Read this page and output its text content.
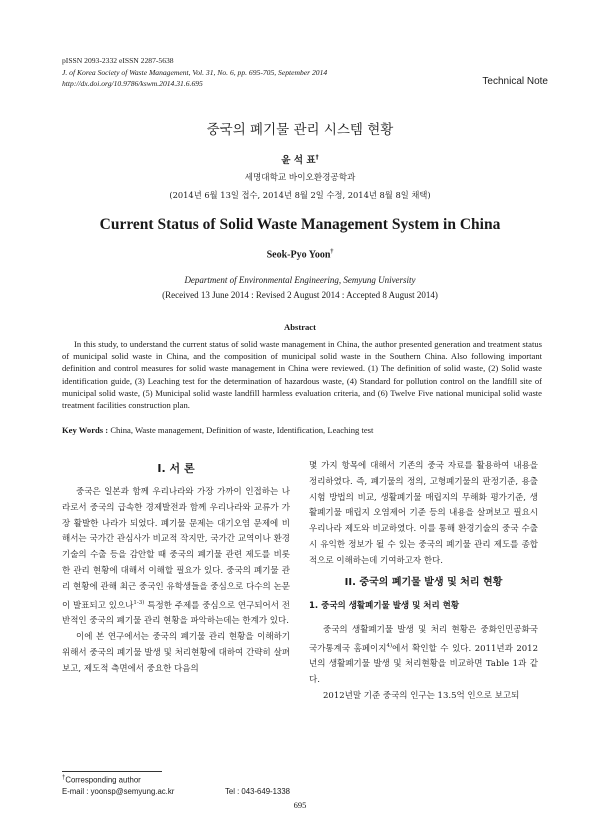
pISSN 2093-2332 eISSN 2287-5638
J. of Korea Society of Waste Management, Vol. 31, No. 6, pp. 695-705, September 2014
http://dx.doi.org/10.9786/kswm.2014.31.6.695	Technical Note
중국의 폐기물 관리 시스템 현황
윤 석 표†
세명대학교 바이오환경공학과
(2014년 6월 13일 접수, 2014년 8월 2일 수정, 2014년 8월 8일 채택)
Current Status of Solid Waste Management System in China
Seok-Pyo Yoon†
Department of Environmental Engineering, Semyung University
(Received 13 June 2014 : Revised 2 August 2014 : Accepted 8 August 2014)
Abstract

In this study, to understand the current status of solid waste management in China, the author presented generation and treatment status of municipal solid waste in China, and the composition of municipal solid waste in the Southern China. Also following important definition and control measures for solid waste management in China were reviewed. (1) The definition of solid waste, (2) Solid waste identification guide, (3) Leaching test for the determination of hazardous waste, (4) Standard for pollution control on the landfill site of municipal solid waste, (5) Municipal solid waste landfill harmless evaluation criteria, and (6) Twelve Five national municipal solid waste treatment facilities construction plan.

Key Words : China, Waste management, Definition of waste, Identification, Leaching test
I. 서 론

중국은 일본과 함께 우리나라와 가장 가까이 인접하는 나라로서 중국의 급속한 경제발전과 함께 우리나라와 교류가 가장 활발한 나라가 되었다. 폐기물 문제는 대기오염 문제에 비해서는 국가간 관심사가 비교적 작지만, 국가간 교역이나 환경기술의 수출 등을 감안할 때 중국의 폐기물 관련 제도를 비롯한 관리 현황에 대해서 이해할 필요가 있다. 중국의 폐기물 관리 현황에 관해 최근 중국인 유학생들을 중심으로 다수의 논문이 발표되고 있으나$^{1-3)}$ 특정한 주제를 중심으로 연구되어서 전반적인 중국의 폐기물 관리 현황을 파악하는데는 한계가 있다.

이에 본 연구에서는 중국의 폐기물 관리 현황을 이해하기 위해서 중국의 폐기물 발생 및 처리현황에 대하여 간략히 살펴보고, 제도적 측면에서 중요한 다음의

몇 가지 항목에 대해서 기존의 중국 자료를 활용하여 내용을 정리하였다. 즉, 폐기물의 정의, 고형폐기물의 판정기준, 용출시험 방법의 비교, 생활폐기물 매립지의 무해화 평가기준, 생활폐기물 매립지 오염제어 기준 등의 내용을 살펴보고 필요시 우리나라 제도와 비교하였다. 이를 통해 환경기술의 중국 수출시 유익한 정보가 될 수 있는 중국의 폐기물 관리 제도를 종합적으로 이해하는데 기여하고자 한다.

II. 중국의 폐기물 발생 및 처리 현황
1. 중국의 생활폐기물 발생 및 처리 현황

중국의 생활폐기물 발생 및 처리 현황은 중화인민공화국 국가통계국 홈페이지$^{4)}$에서 확인할 수 있다. 2011년과 2012년의 생활폐기물 발생 및 처리현황을 비교하면 Table 1과 같다.

2012년말 기준 중국의 인구는 13.5억 인으로 보고되

†Corresponding author
E-mail : yoonsp@semyung.ac.kr	Tel : 043-649-1338
695
